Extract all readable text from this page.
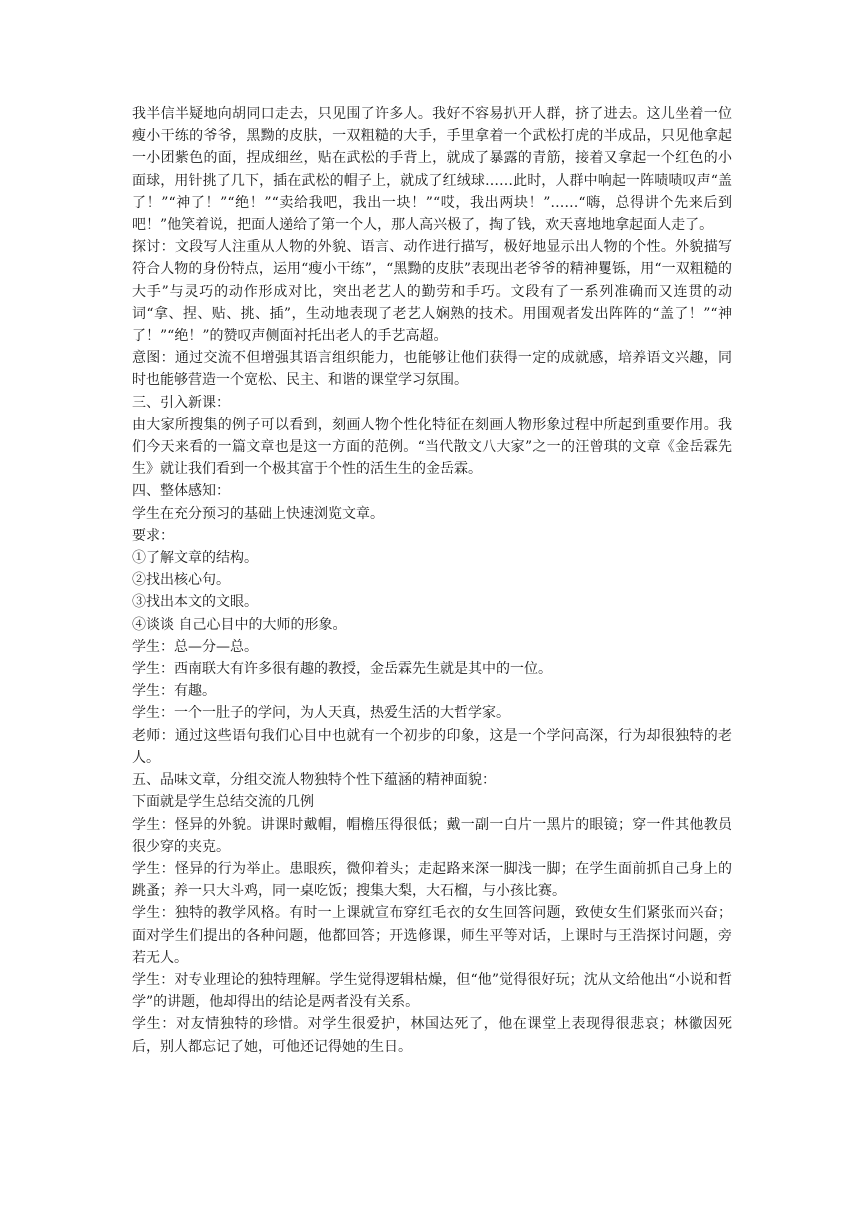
我半信半疑地向胡同口走去，只见围了许多人。我好不容易扒开人群，挤了进去。这儿坐着一位瘦小干练的爷爷，黑黝的皮肤，一双粗糙的大手，手里拿着一个武松打虎的半成品，只见他拿起一小团紫色的面，捏成细丝，贴在武松的手背上，就成了暴露的青筋，接着又拿起一个红色的小面球，用针挑了几下，插在武松的帽子上，就成了红绒球……此时，人群中响起一阵啧啧叹声“盖了！”“神了！”“绝！”“卖给我吧，我出一块！”“哎，我出两块！”……“嗨，总得讲个先来后到吧！”他笑着说，把面人递给了第一个人，那人高兴极了，掏了钱，欢天喜地地拿起面人走了。

探讨：文段写人注重从人物的外貌、语言、动作进行描写，极好地显示出人物的个性。外貌描写符合人物的身份特点，运用“瘦小干练”，“黑黝的皮肤”表现出老爷爷的精神矍铄，用“一双粗糙的大手”与灵巧的动作形成对比，突出老艺人的勤劳和手巧。文段有了一系列准确而又连贯的动词“拿、捏、贴、挑、插”，生动地表现了老艺人娴熟的技术。用围观者发出阵阵的“盖了！”“神了！”“绝！”的赞叹声侧面衬托出老人的手艺高超。

意图：通过交流不但增强其语言组织能力，也能够让他们获得一定的成就感，培养语文兴趣，同时也能够营造一个宽松、民主、和谐的课堂学习氛围。

三、引入新课：

由大家所搜集的例子可以看到，刻画人物个性化特征在刻画人物形象过程中所起到重要作用。我们今天来看的一篇文章也是这一方面的范例。“当代散文八大家”之一的汪曾琪的文章《金岳霖先生》就让我们看到一个极其富于个性的活生生的金岳霖。

四、整体感知：

学生在充分预习的基础上快速浏览文章。

要求：

①了解文章的结构。

②找出核心句。

③找出本文的文眼。

④谈谈 自己心目中的大师的形象。

学生：总—分—总。

学生：西南联大有许多很有趣的教授，金岳霖先生就是其中的一位。

学生：有趣。

学生：一个一肚子的学问，为人天真，热爱生活的大哲学家。

老师：通过这些语句我们心目中也就有一个初步的印象，这是一个学问高深，行为却很独特的老人。

五、品味文章，分组交流人物独特个性下蕴涵的精神面貌：

下面就是学生总结交流的几例

学生：怪异的外貌。讲课时戴帽，帽檐压得很低；戴一副一白片一黑片的眼镜；穿一件其他教员很少穿的夹克。

学生：怪异的行为举止。患眼疾，微仰着头；走起路来深一脚浅一脚；在学生面前抓自己身上的跳蚤；养一只大斗鸡，同一桌吃饭；搜集大梨，大石榴，与小孩比赛。

学生：独特的教学风格。有时一上课就宣布穿红毛衣的女生回答问题，致使女生们紧张而兴奋；面对学生们提出的各种问题，他都回答；开选修课，师生平等对话，上课时与王浩探讨问题，旁若无人。

学生：对专业理论的独特理解。学生觉得逻辑枯燥，但“他”觉得很好玩；沈从文给他出“小说和哲学”的讲题，他却得出的结论是两者没有关系。

学生：对友情独特的珍惜。对学生很爱护，林国达死了，他在课堂上表现得很悲哀；林徽因死后，别人都忘记了她，可他还记得她的生日。
